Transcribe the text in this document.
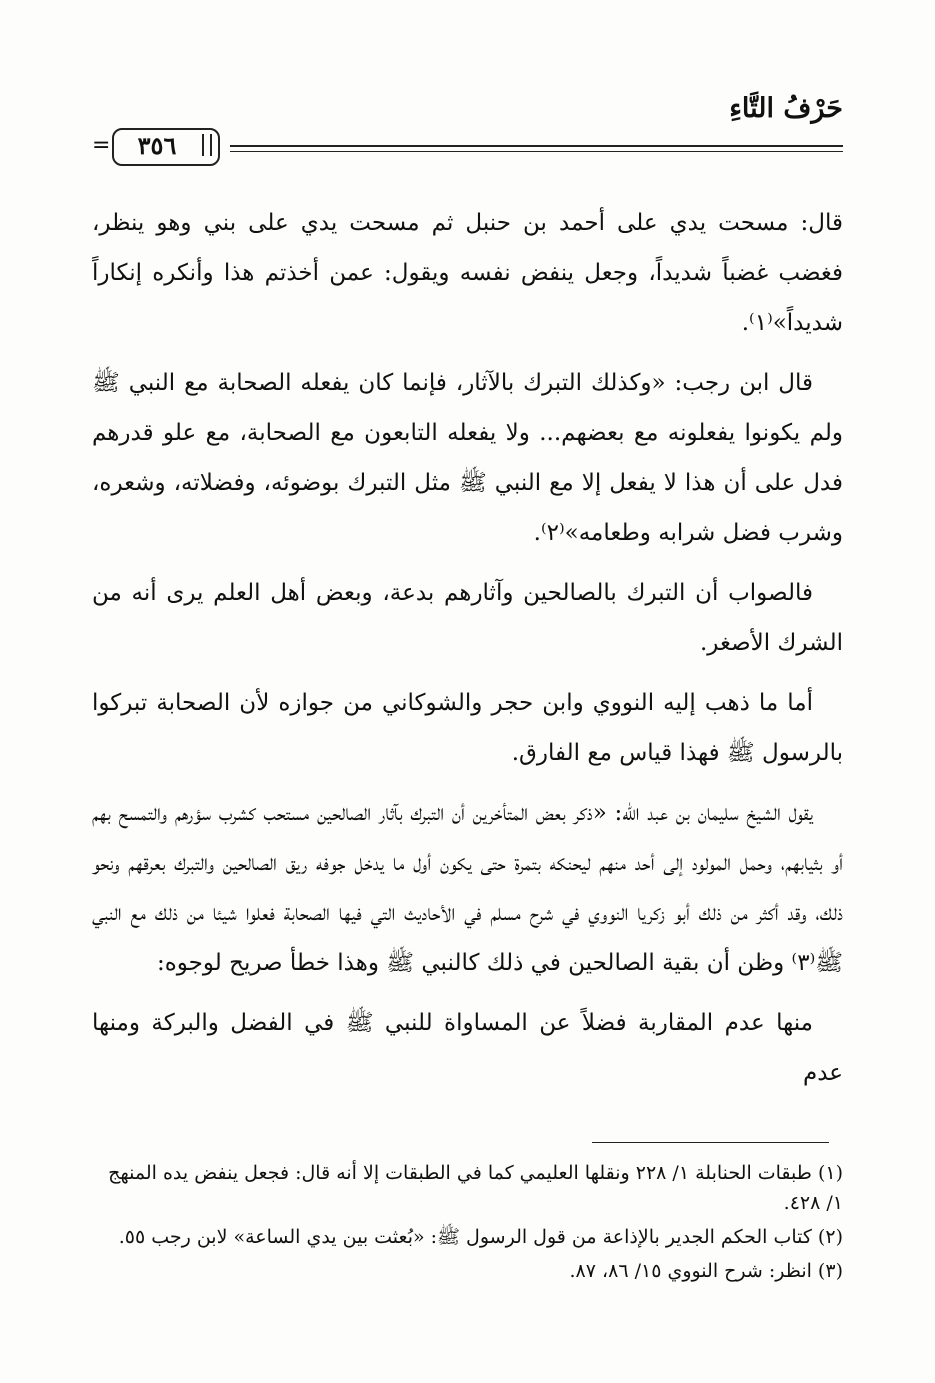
حَرْفُ التَّاءِ
=	٣٥٦

قال: مسحت يدي على أحمد بن حنبل ثم مسحت يدي على بني وهو ينظر، فغضب غضباً شديداً، وجعل ينفض نفسه ويقول: عمن أخذتم هذا وأنكره إنكاراً شديداً»⁽١⁾.

قال ابن رجب: «وكذلك التبرك بالآثار، فإنما كان يفعله الصحابة مع النبي ﷺ ولم يكونوا يفعلونه مع بعضهم... ولا يفعله التابعون مع الصحابة، مع علو قدرهم فدل على أن هذا لا يفعل إلا مع النبي ﷺ مثل التبرك بوضوئه، وفضلاته، وشعره، وشرب فضل شرابه وطعامه»⁽٢⁾.

فالصواب أن التبرك بالصالحين وآثارهم بدعة، وبعض أهل العلم يرى أنه من الشرك الأصغر.

أما ما ذهب إليه النووي وابن حجر والشوكاني من جوازه لأن الصحابة تبركوا بالرسول ﷺ فهذا قياس مع الفارق.

يقول الشيخ سليمان بن عبد الله: «ذكر بعض المتأخرين أن التبرك بآثار الصالحين مستحب كشرب سؤرهم والتمسح بهم أو بثيابهم، وحمل المولود إلى أحد منهم ليحنكه بتمرة حتى يكون أول ما يدخل جوفه ريق الصالحين والتبرك بعرقهم ونحو ذلك، وقد أكثر من ذلك أبو زكريا النووي في شرح مسلم في الأحاديث التي فيها الصحابة فعلوا شيئا من ذلك مع النبي ﷺ⁽٣⁾ وظن أن بقية الصالحين في ذلك كالنبي ﷺ وهذا خطأ صريح لوجوه:

منها عدم المقاربة فضلاً عن المساواة للنبي ﷺ في الفضل والبركة ومنها عدم

(١) طبقات الحنابلة ١/ ٢٢٨ ونقلها العليمي كما في الطبقات إلا أنه قال: فجعل ينفض يده المنهج ١/ ٤٢٨.

(٢) كتاب الحكم الجدير بالإذاعة من قول الرسول ﷺ: «بُعثت بين يدي الساعة» لابن رجب ٥٥.

(٣) انظر: شرح النووي ١٥/ ٨٦، ٨٧.
